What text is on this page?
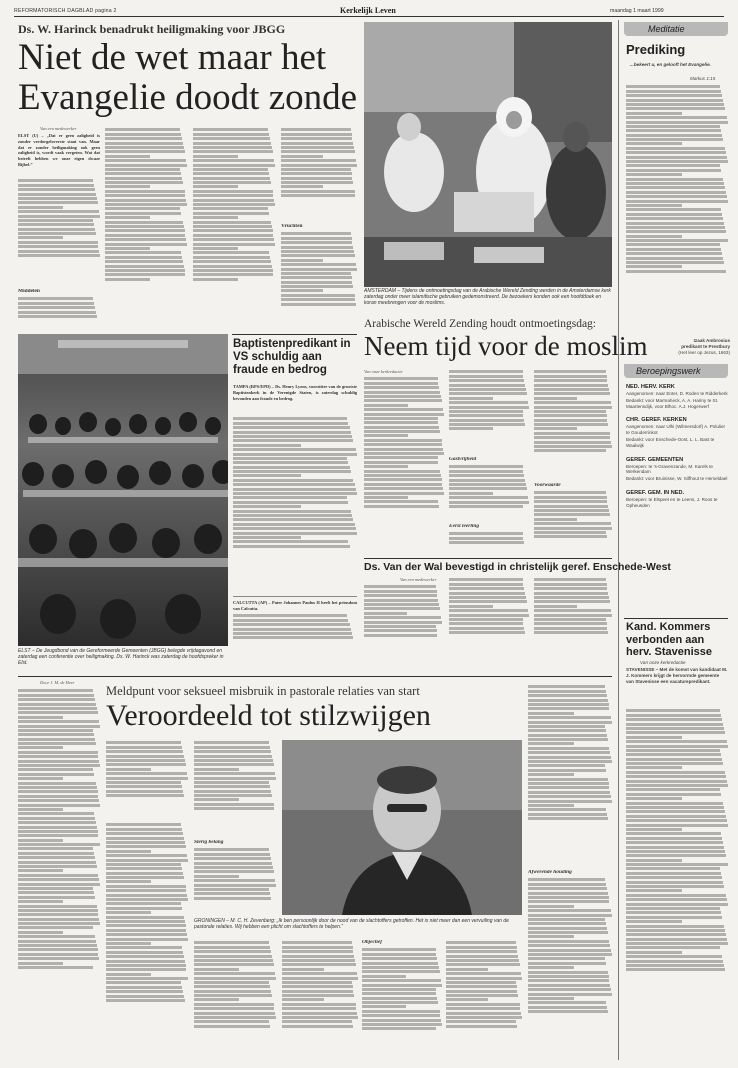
REFORMATORISCH DAGBLAD pagina 2	Kerkelijk Leven	maandag 1 maart 1999
Ds. W. Harinck benadrukt heiligmaking voor JBGG
Niet de wet maar het
Evangelie doodt zonde
Van een medewerker
ELST (U) – „Dat er geen zaligheid is zonder verdorgeloverste staat van. Maar dat er zonder heiligmaking ook geen zaligheid is, wordt vaak vergeten. Wat dat betreft hebben we onze eigen dwaze Bijbel.”
Middelen
Vruchten
ELST – De Jeugdbond van de Gereformeerde Gemeenten (JBGG) belegde vrijdagavond en zaterdag een conferentie over heiligmaking. Ds. W. Harinck was zaterdag de hoofdspreker in Elst.
Baptistenpredikant in VS schuldig aan fraude en bedrog
TAMPA (RPS/EPD) – Ds. Henry Lyons, voorzitter van de grootste Baptistenkerk in de Verenigde Staten, is zaterdag schuldig bevonden aan fraude en bedrog.
CALCUTTA (AP) – Pater Johannes Paulus II heeft het prinsdom van Calcutta.
AMSTERDAM – Tijdens de ontmoetingsdag van de Arabische Wereld Zending werden in de Amsterdamse kerk zaterdag onder meer islamitische gebruiken gedemonstreerd. De bezoekers konden ook een hoofddoek en koran meebrengen voor de moslims.
Arabische Wereld Zending houdt ontmoetingsdag:
Neem tijd voor de moslim
Van onze kerkredactie
Gastvrijheid
Eerst leerling
Voorwaarde
Ds. Van der Wal bevestigd in christelijk geref. Enschede-West
Van een medewerker
Door J. M. de Heer
Meldpunt voor seksueel misbruik in pastorale relaties van start
Veroordeeld tot stilzwijgen
Sterig belang
Afwerende houding
GRONINGEN – M. C. H. Zevenberg: „Ik ben persoonlijk door de nood van de slachtoffers getroffen. Het is niet meer dan een vervuiling van de pastorale relaties. Wij hebben een plicht om slachtoffers te helpen.”
Objectief
Meditatie
Prediking
...bekeert u, en gelooft het Evangelie.
Markus 1:15
Izaak Ambrosius
predikant te Prestbury
(Het leer op Jezus, 1663)
Beroepingswerk
NED. HERV. KERK
Aangenomen: naar Enter, D. Roden te Ridderkerk
Bedankt: voor Marmaheck, A. A. Hariny te St. Maartensdijk, voor Blhoc. A.J. Hogerwerf
CHR. GEREF. KERKEN
Aangenomen: naar Ulhi (Wilmersdorf) A. Polulier te Gouderrinkot
Bedankt: voor Enschede-Oost, L. L. Bast te Waalwijk
GEREF. GEMEENTEN
Beroepen: te 's-Gravenzande, M. Karels te Werkendam
Bedankt: voor Bruinisse, W. Silfhout te Hemeldael
GEREF. GEM. IN NED.
Beroepen: te Elspeet en te Leens, J. Roos te Opheusden
Kand. Kommers verbonden aan herv. Stavenisse
Van onze kerkredactie
STAVENISSE – Met de komst van kandidaat M. J. Kommers krijgt de hervormde gemeente van Stavenisse een vacaturepredikant.
